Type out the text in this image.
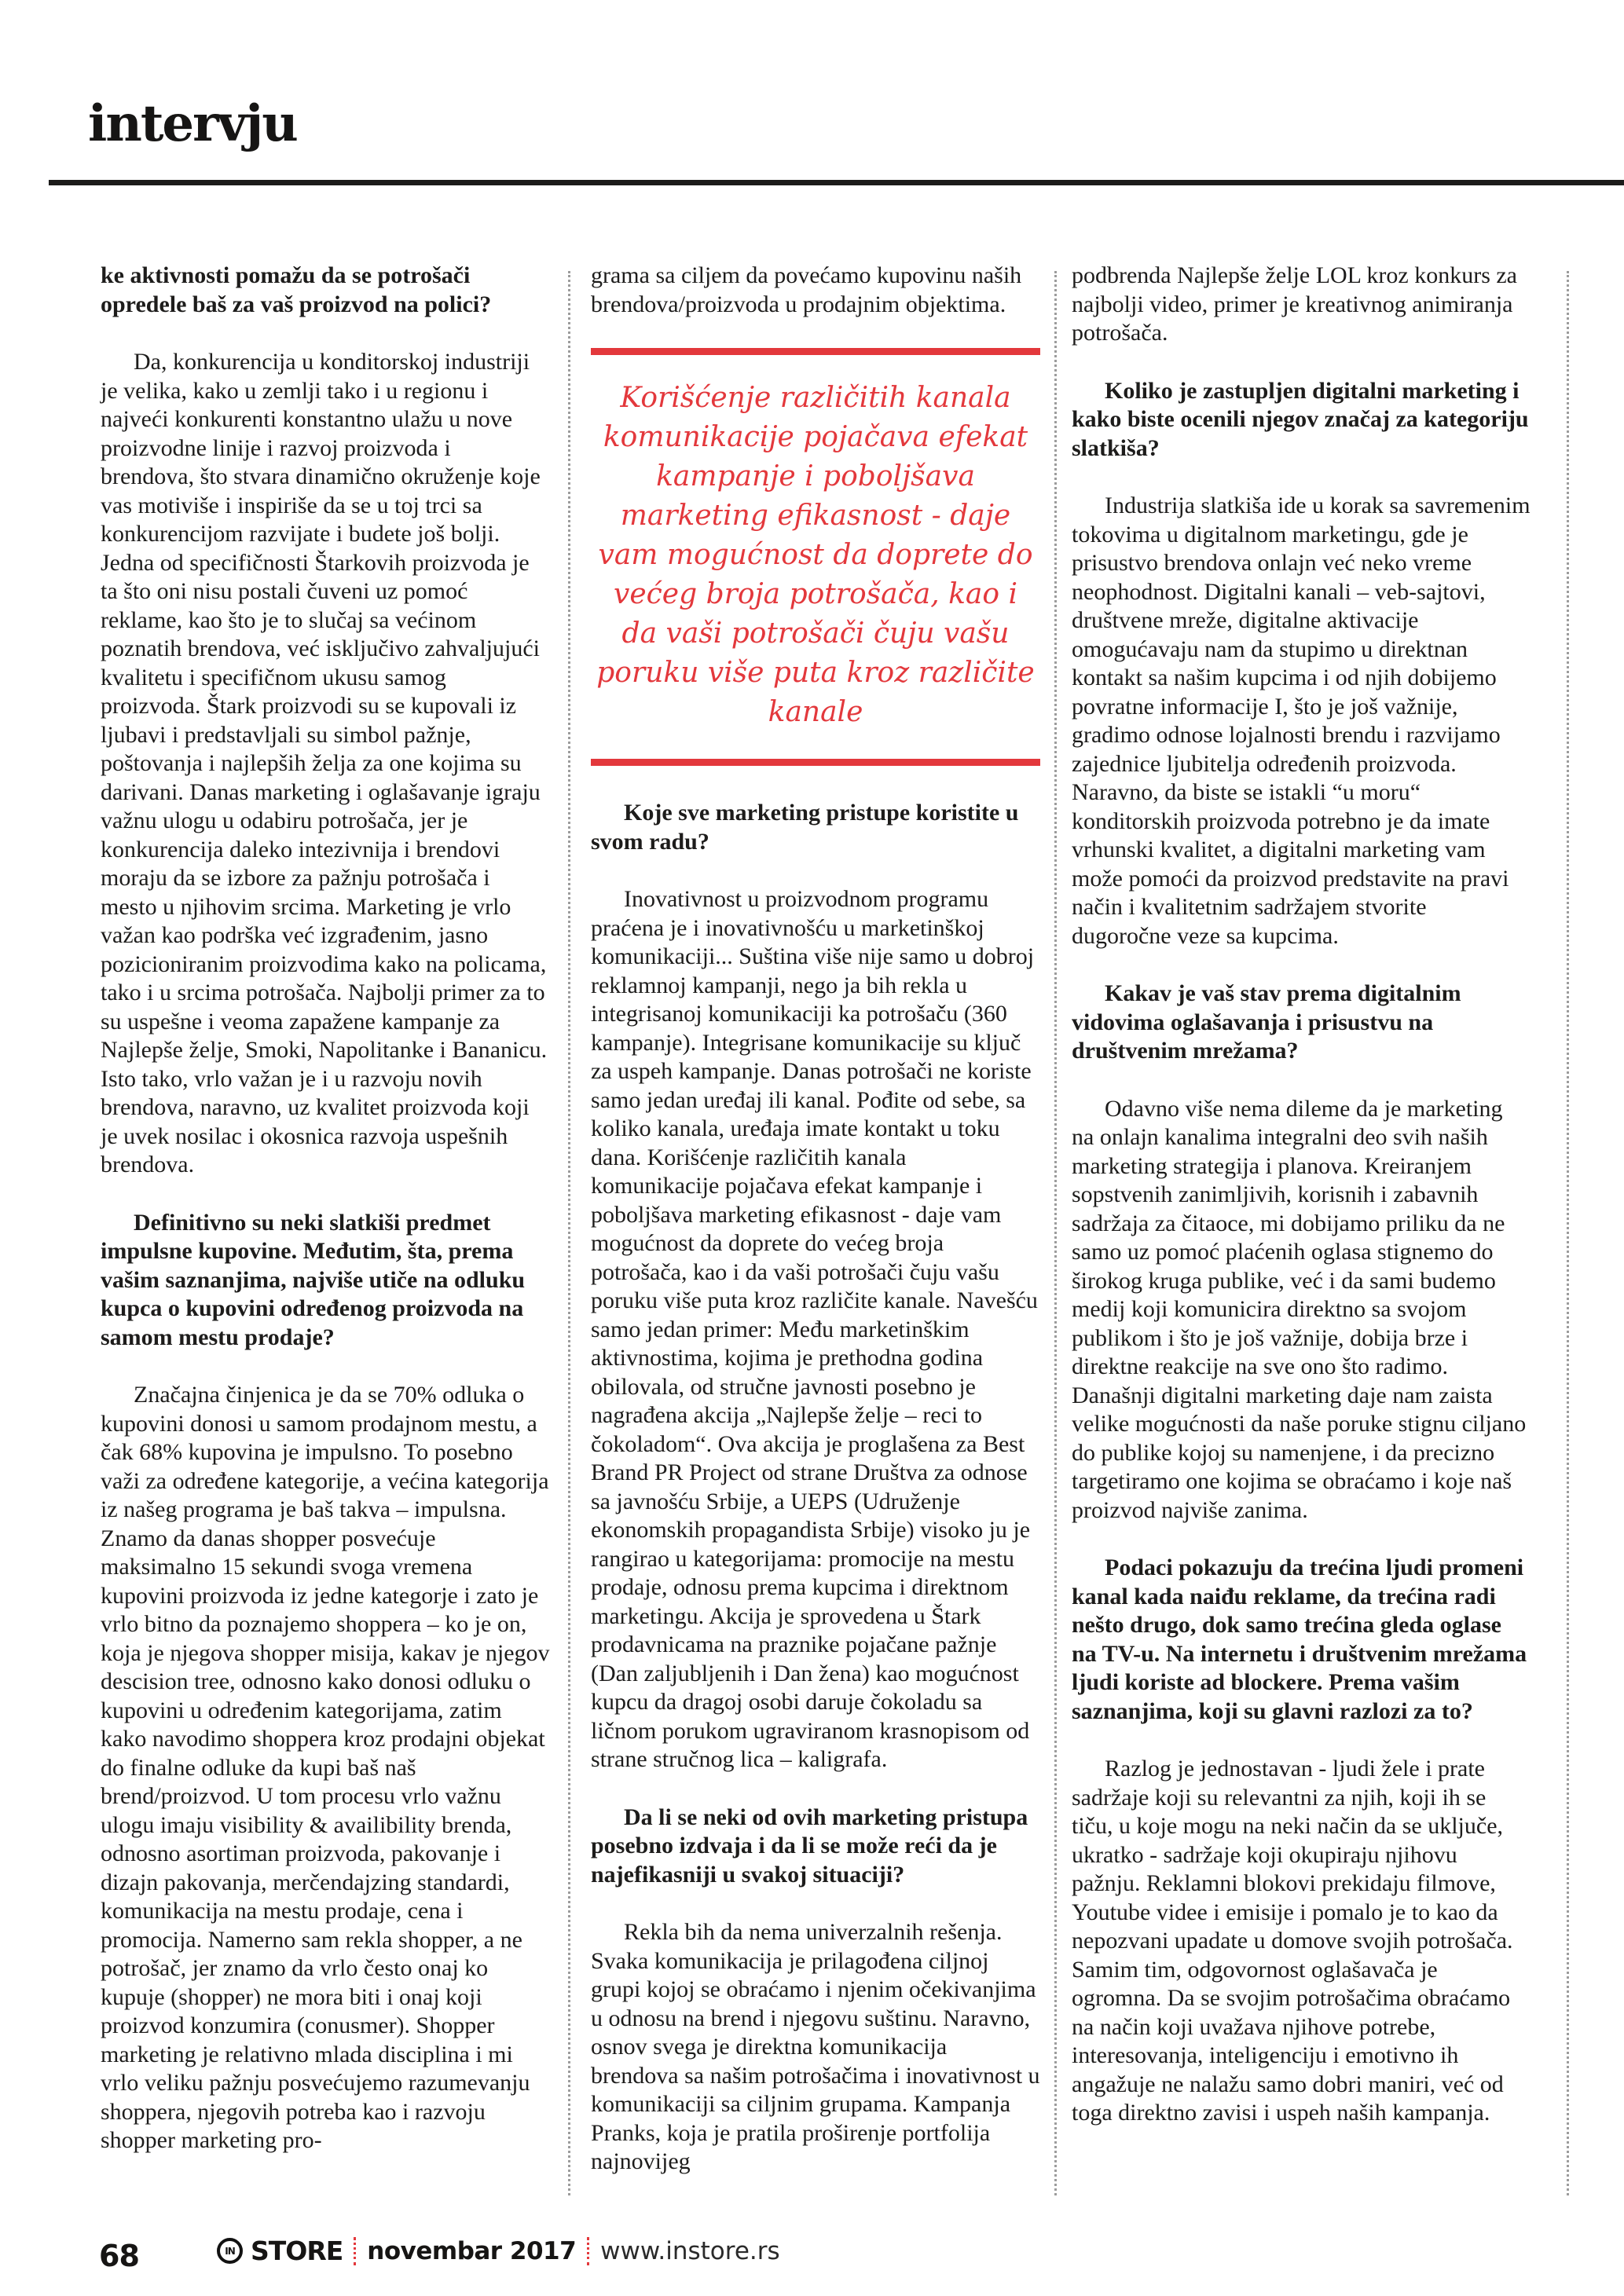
intervju

ke aktivnosti pomažu da se potrošači opredele baš za vaš proizvod na polici?

Da, konkurencija u konditorskoj industriji je velika, kako u zemlji tako i u regionu i najveći konkurenti konstantno ulažu u nove proizvodne linije i razvoj proizvoda i brendova, što stvara dinamično okruženje koje vas motiviše i inspiriše da se u toj trci sa konkurencijom razvijate i budete još bolji. Jedna od specifičnosti Štarkovih proizvoda je ta što oni nisu postali čuveni uz pomoć reklame, kao što je to slučaj sa većinom poznatih brendova, već isključivo zahvaljujući kvalitetu i specifičnom ukusu samog proizvoda. Štark proizvodi su se kupovali iz ljubavi i predstavljali su simbol pažnje, poštovanja i najlepših želja za one kojima su darivani. Danas marketing i oglašavanje igraju važnu ulogu u odabiru potrošača, jer je konkurencija daleko intezivnija i brendovi moraju da se izbore za pažnju potrošača i mesto u njihovim srcima. Marketing je vrlo važan kao podrška već izgrađenim, jasno pozicioniranim proizvodima kako na policama, tako i u srcima potrošača. Najbolji primer za to su uspešne i veoma zapažene kampanje za Najlepše želje, Smoki, Napolitanke i Bananicu. Isto tako, vrlo važan je i u razvoju novih brendova, naravno, uz kvalitet proizvoda koji je uvek nosilac i okosnica razvoja uspešnih brendova.

Definitivno su neki slatkiši predmet impulsne kupovine. Međutim, šta, prema vašim saznanjima, najviše utiče na odluku kupca o kupovini određenog proizvoda na samom mestu prodaje?

Značajna činjenica je da se 70% odluka o kupovini donosi u samom prodajnom mestu, a čak 68% kupovina je impulsno. To posebno važi za određene kategorije, a većina kategorija iz našeg programa je baš takva – impulsna. Znamo da danas shopper posvećuje maksimalno 15 sekundi svoga vremena kupovini proizvoda iz jedne kategorje i zato je vrlo bitno da poznajemo shoppera – ko je on, koja je njegova shopper misija, kakav je njegov descision tree, odnosno kako donosi odluku o kupovini u određenim kategorijama, zatim kako navodimo shoppera kroz prodajni objekat do finalne odluke da kupi baš naš brend/proizvod. U tom procesu vrlo važnu ulogu imaju visibility & availibility brenda, odnosno asortiman proizvoda, pakovanje i dizajn pakovanja, merčendajzing standardi, komunikacija na mestu prodaje, cena i promocija. Namerno sam rekla shopper, a ne potrošač, jer znamo da vrlo često onaj ko kupuje (shopper) ne mora biti i onaj koji proizvod konzumira (conusmer). Shopper marketing je relativno mlada disciplina i mi vrlo veliku pažnju posvećujemo razumevanju shoppera, njegovih potreba kao i razvoju shopper marketing pro-

grama sa ciljem da povećamo kupovinu naših brendova/proizvoda u prodajnim objektima.

Korišćenje različitih kanala komunikacije pojačava efekat kampanje i poboljšava marketing efikasnost - daje vam mogućnost da doprete do većeg broja potrošača, kao i da vaši potrošači čuju vašu poruku više puta kroz različite kanale

Koje sve marketing pristupe koristite u svom radu?

Inovativnost u proizvodnom programu praćena je i inovativnošću u marketinškoj komunikaciji... Suština više nije samo u dobroj reklamnoj kampanji, nego ja bih rekla u integrisanoj komunikaciji ka potrošaču (360 kampanje). Integrisane komunikacije su ključ za uspeh kampanje. Danas potrošači ne koriste samo jedan uređaj ili kanal. Pođite od sebe, sa koliko kanala, uređaja imate kontakt u toku dana. Korišćenje različitih kanala komunikacije pojačava efekat kampanje i poboljšava marketing efikasnost - daje vam mogućnost da doprete do većeg broja potrošača, kao i da vaši potrošači čuju vašu poruku više puta kroz različite kanale. Navešću samo jedan primer: Među marketinškim aktivnostima, kojima je prethodna godina obilovala, od stručne javnosti posebno je nagrađena akcija „Najlepše želje – reci to čokoladom“. Ova akcija je proglašena za Best Brand PR Project od strane Društva za odnose sa javnošću Srbije, a UEPS (Udruženje ekonomskih propagandista Srbije) visoko ju je rangirao u kategorijama: promocije na mestu prodaje, odnosu prema kupcima i direktnom marketingu. Akcija je sprovedena u Štark prodavnicama na praznike pojačane pažnje (Dan zaljubljenih i Dan žena) kao mogućnost kupcu da dragoj osobi daruje čokoladu sa ličnom porukom ugraviranom krasnopisom od strane stručnog lica – kaligrafa.

Da li se neki od ovih marketing pristupa posebno izdvaja i da li se može reći da je najefikasniji u svakoj situaciji?

Rekla bih da nema univerzalnih rešenja. Svaka komunikacija je prilagođena ciljnoj grupi kojoj se obraćamo i njenim očekivanjima u odnosu na brend i njegovu suštinu. Naravno, osnov svega je direktna komunikacija brendova sa našim potrošačima i inovativnost u komunikaciji sa ciljnim grupama. Kampanja Pranks, koja je pratila proširenje portfolija najnovijeg

podbrenda Najlepše želje LOL kroz konkurs za najbolji video, primer je kreativnog animiranja potrošača.

Koliko je zastupljen digitalni marketing i kako biste ocenili njegov značaj za kategoriju slatkiša?

Industrija slatkiša ide u korak sa savremenim tokovima u digitalnom marketingu, gde je prisustvo brendova onlajn već neko vreme neophodnost. Digitalni kanali – veb-sajtovi, društvene mreže, digitalne aktivacije omogućavaju nam da stupimo u direktnan kontakt sa našim kupcima i od njih dobijemo povratne informacije I, što je još važnije, gradimo odnose lojalnosti brendu i razvijamo zajednice ljubitelja određenih proizvoda. Naravno, da biste se istakli “u moru“ konditorskih proizvoda potrebno je da imate vrhunski kvalitet, a digitalni marketing vam može pomoći da proizvod predstavite na pravi način i kvalitetnim sadržajem stvorite dugoročne veze sa kupcima.

Kakav je vaš stav prema digitalnim vidovima oglašavanja i prisustvu na društvenim mrežama?

Odavno više nema dileme da je marketing na onlajn kanalima integralni deo svih naših marketing strategija i planova. Kreiranjem sopstvenih zanimljivih, korisnih i zabavnih sadržaja za čitaoce, mi dobijamo priliku da ne samo uz pomoć plaćenih oglasa stignemo do širokog kruga publike, već i da sami budemo medij koji komunicira direktno sa svojom publikom i što je još važnije, dobija brze i direktne reakcije na sve ono što radimo. Današnji digitalni marketing daje nam zaista velike mogućnosti da naše poruke stignu ciljano do publike kojoj su namenjene, i da precizno targetiramo one kojima se obraćamo i koje naš proizvod najviše zanima.

Podaci pokazuju da trećina ljudi promeni kanal kada naiđu reklame, da trećina radi nešto drugo, dok samo trećina gleda oglase na TV-u. Na internetu i društvenim mrežama ljudi koriste ad blockere. Prema vašim saznanjima, koji su glavni razlozi za to?

Razlog je jednostavan - ljudi žele i prate sadržaje koji su relevantni za njih, koji ih se tiču, u koje mogu na neki način da se uključe, ukratko - sadržaje koji okupiraju njihovu pažnju. Reklamni blokovi prekidaju filmove, Youtube videe i emisije i pomalo je to kao da nepozvani upadate u domove svojih potrošača. Samim tim, odgovornost oglašavača je ogromna. Da se svojim potrošačima obraćamo na način koji uvažava njihove potrebe, interesovanja, inteligenciju i emotivno ih angažuje ne nalažu samo dobri maniri, već od toga direktno zavisi i uspeh naših kampanja.

68	IN STORE novembar 2017 www.instore.rs
